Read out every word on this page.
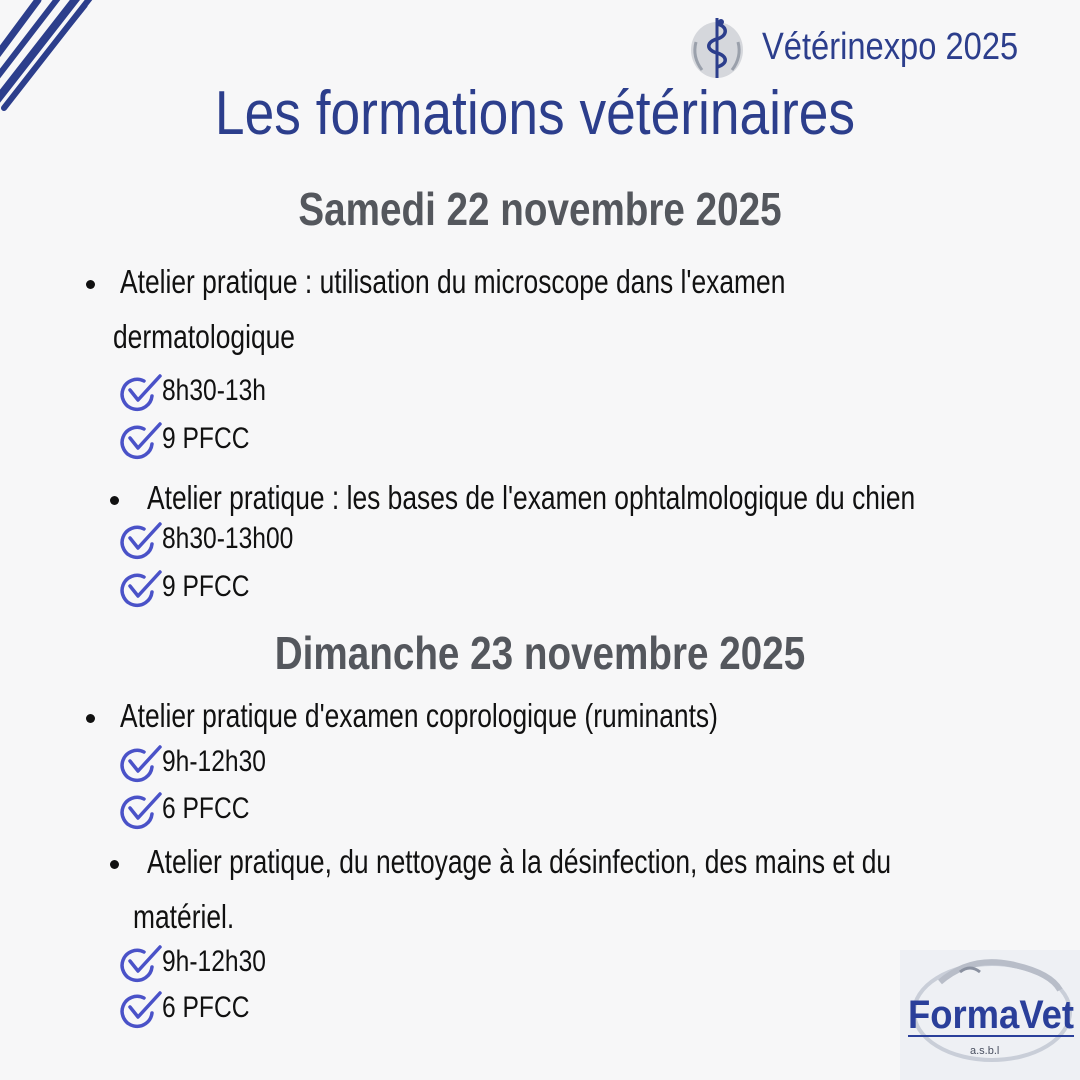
Vétérinexpo 2025
Les formations vétérinaires
Samedi 22 novembre 2025
Atelier pratique : utilisation du microscope dans l'examen
dermatologique
8h30-13h
9 PFCC
Atelier pratique : les bases de l'examen ophtalmologique du chien
8h30-13h00
9 PFCC
Dimanche 23 novembre 2025
Atelier pratique d'examen coprologique (ruminants)
9h-12h30
6 PFCC
Atelier pratique, du nettoyage à la désinfection, des mains et du
matériel.
9h-12h30
6 PFCC	FormaVet
a.s.b.l
